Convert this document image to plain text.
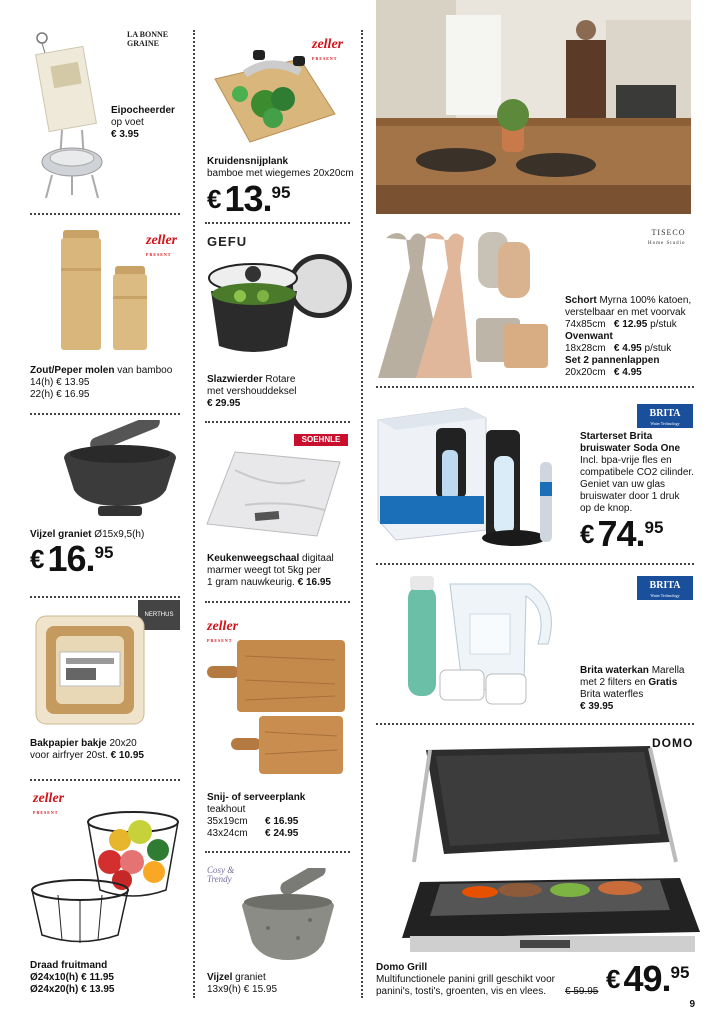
LA BONNE GRAINE
Eipocheerder
op voet
€ 3.95
zeller
PRESENT
Zout/Peper molen van bamboo
14(h) € 13.95
22(h) € 16.95
Vijzel graniet Ø15x9,5(h)
€ 16. 95
NERTHUS
Bakpapier bakje 20x20
voor airfryer 20st. € 10.95
zeller
PRESENT
Draad fruitmand
Ø24x10(h) € 11.95
Ø24x20(h) € 13.95
zeller
PRESENT
Kruidensnijplank
bamboe met wiegemes 20x20cm
€ 13. 95
GEFU
Slazwierder Rotare
met vershouddeksel
€ 29.95
SOEHNLE
Keukenweegschaal digitaal
marmer weegt tot 5kg per
1 gram nauwkeurig. € 16.95
zeller
PRESENT
Snij- of serveerplank
teakhout
35x19cm € 16.95
43x24cm € 24.95
Cosy & Trendy
Vijzel graniet
13x9(h) € 15.95
TISECO
Home Studio
Schort Myrna 100% katoen,
verstelbaar en met voorvak
74x85cm € 12.95 p/stuk
Ovenwant
18x28cm € 4.95 p/stuk
Set 2 pannenlappen
20x20cm € 4.95
BRITA
Water Technology
Starterset Brita
bruiswater Soda One
Incl. bpa-vrije fles en
compatibele CO2 cilinder.
Geniet van uw glas
bruiswater door 1 druk
op de knop.
€ 74. 95
BRITA
Water Technology
Brita waterkan Marella
met 2 filters en Gratis
Brita waterfles
€ 39.95
DOMO
Domo Grill
Multifunctionele panini grill geschikt voor
panini's, tosti's, groenten, vis en vlees.	€ 59.95 € 49. 95
9
